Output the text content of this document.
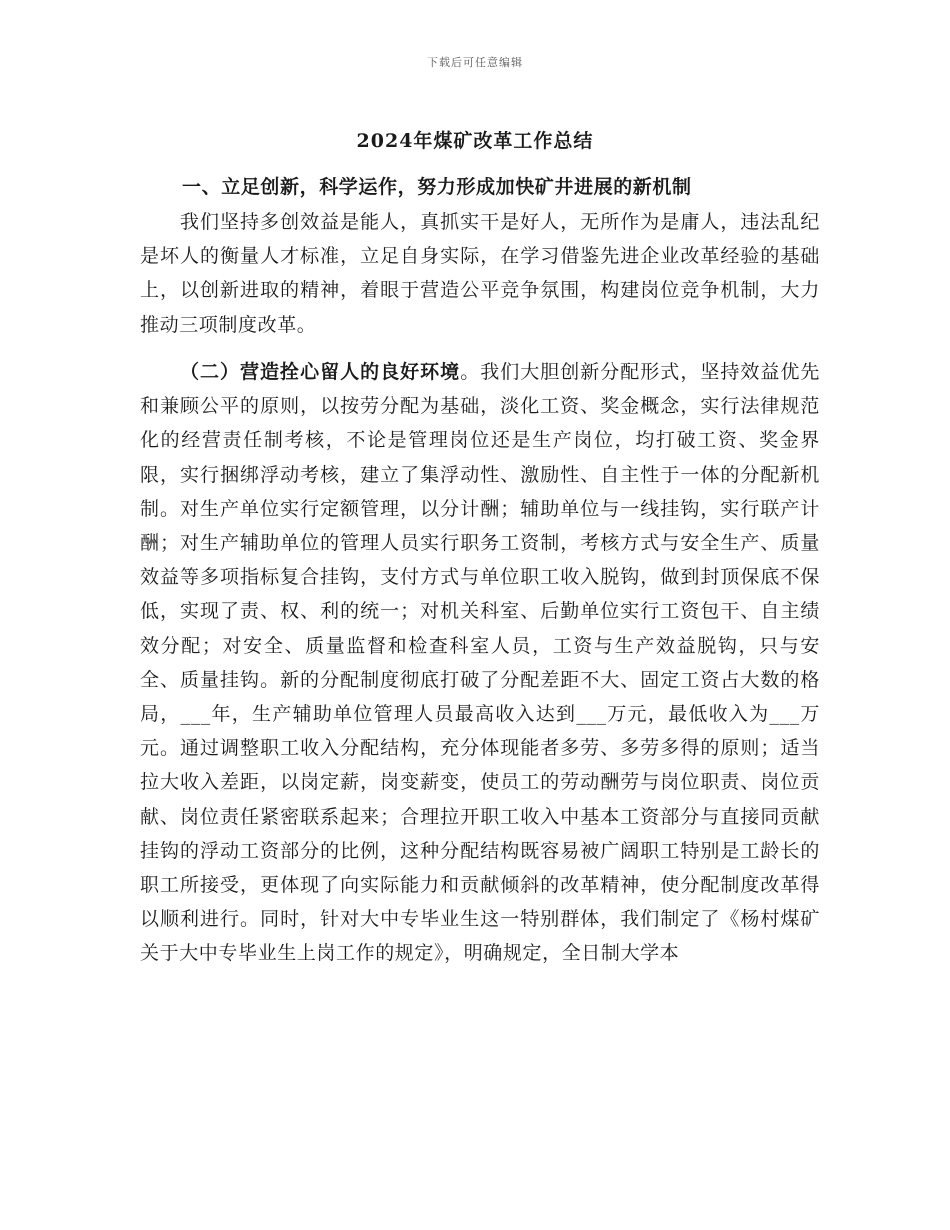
下载后可任意编辑
2024年煤矿改革工作总结

一、立足创新，科学运作，努力形成加快矿井进展的新机制

我们坚持多创效益是能人，真抓实干是好人，无所作为是庸人，违法乱纪是坏人的衡量人才标准，立足自身实际，在学习借鉴先进企业改革经验的基础上，以创新进取的精神，着眼于营造公平竞争氛围，构建岗位竞争机制，大力推动三项制度改革。

（二）营造拴心留人的良好环境。我们大胆创新分配形式，坚持效益优先和兼顾公平的原则，以按劳分配为基础，淡化工资、奖金概念，实行法律规范化的经营责任制考核，不论是管理岗位还是生产岗位，均打破工资、奖金界限，实行捆绑浮动考核，建立了集浮动性、激励性、自主性于一体的分配新机制。对生产单位实行定额管理，以分计酬；辅助单位与一线挂钩，实行联产计酬；对生产辅助单位的管理人员实行职务工资制，考核方式与安全生产、质量效益等多项指标复合挂钩，支付方式与单位职工收入脱钩，做到封顶保底不保低，实现了责、权、利的统一；对机关科室、后勤单位实行工资包干、自主绩效分配；对安全、质量监督和检查科室人员，工资与生产效益脱钩，只与安全、质量挂钩。新的分配制度彻底打破了分配差距不大、固定工资占大数的格局，___年，生产辅助单位管理人员最高收入达到___万元，最低收入为___万元。通过调整职工收入分配结构，充分体现能者多劳、多劳多得的原则；适当拉大收入差距，以岗定薪，岗变薪变，使员工的劳动酬劳与岗位职责、岗位贡献、岗位责任紧密联系起来；合理拉开职工收入中基本工资部分与直接同贡献挂钩的浮动工资部分的比例，这种分配结构既容易被广阔职工特别是工龄长的职工所接受，更体现了向实际能力和贡献倾斜的改革精神，使分配制度改革得以顺利进行。同时，针对大中专毕业生这一特别群体，我们制定了《杨村煤矿关于大中专毕业生上岗工作的规定》，明确规定，全日制大学本
